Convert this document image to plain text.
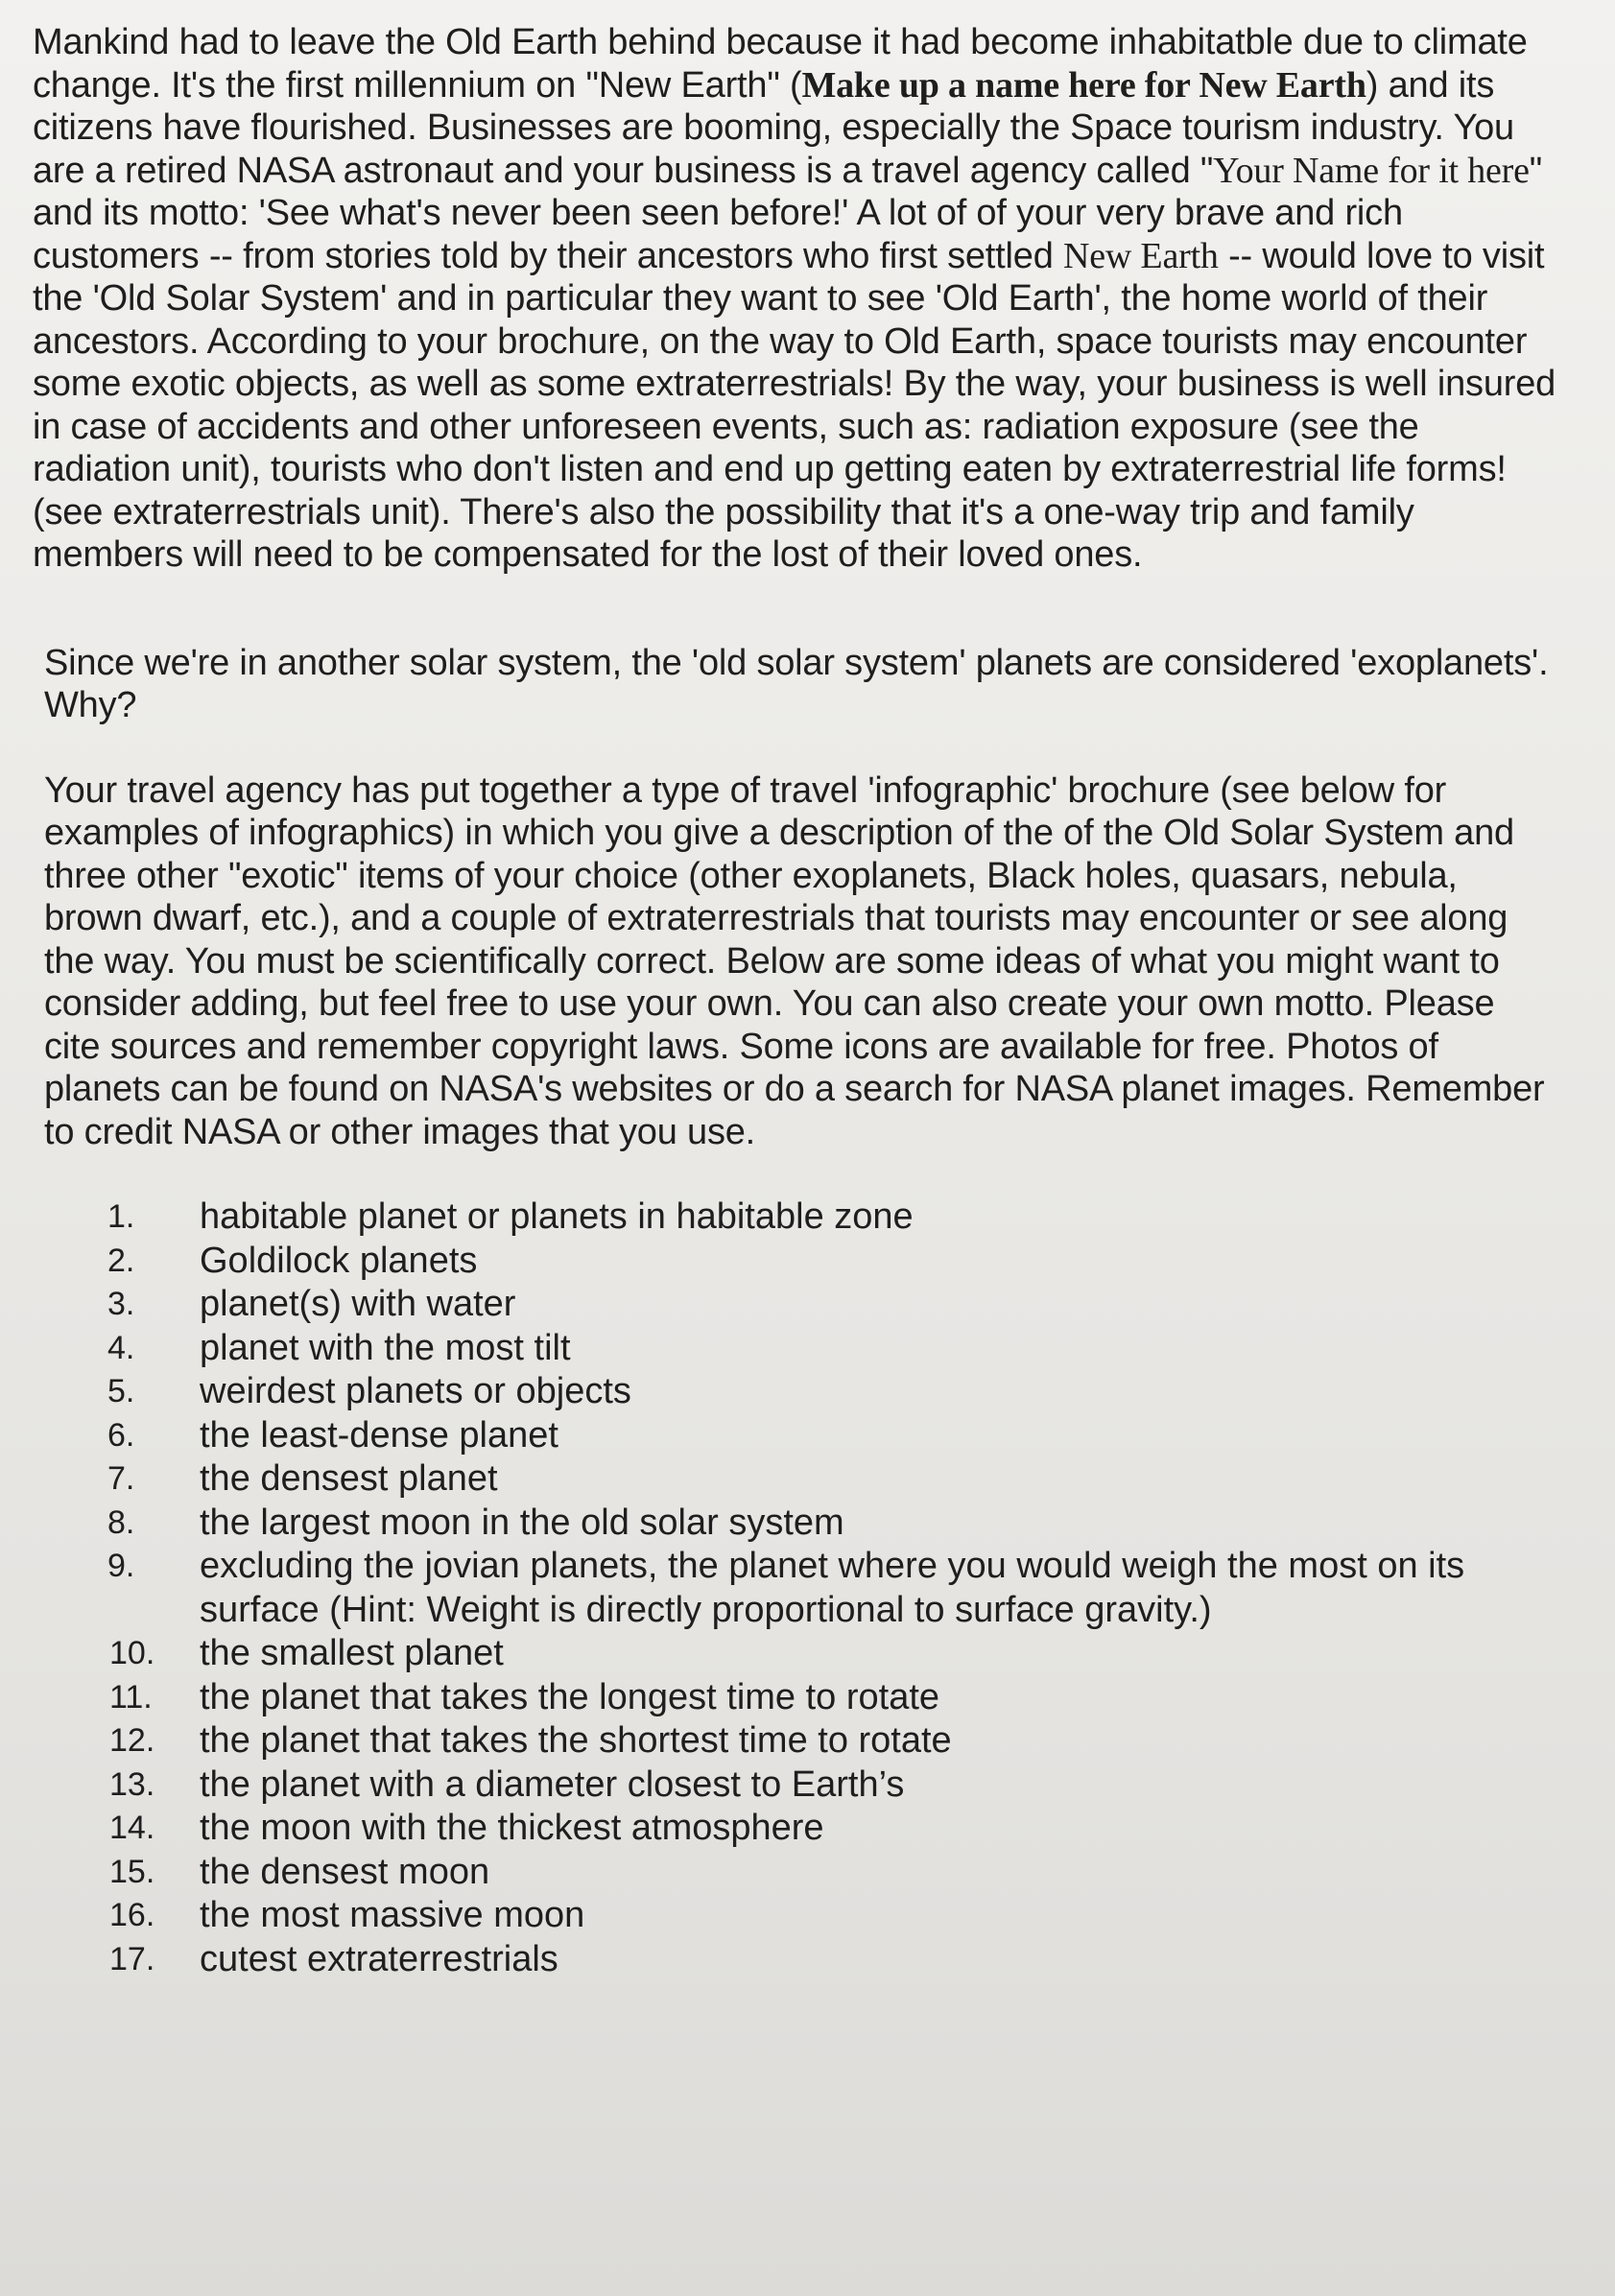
Mankind had to leave the Old Earth behind because it had become inhabitatble due to climate change. It's the first millennium on "New Earth" (Make up a name here for New Earth) and its citizens have flourished. Businesses are booming, especially the Space tourism industry. You are a retired NASA astronaut and your business is a travel agency called "Your Name for it here" and its motto: 'See what's never been seen before!' A lot of of your very brave and rich customers -- from stories told by their ancestors who first settled New Earth -- would love to visit the 'Old Solar System' and in particular they want to see 'Old Earth', the home world of their ancestors. According to your brochure, on the way to Old Earth, space tourists may encounter some exotic objects, as well as some extraterrestrials! By the way, your business is well insured in case of accidents and other unforeseen events, such as: radiation exposure (see the radiation unit), tourists who don't listen and end up getting eaten by extraterrestrial life forms! (see extraterrestrials unit). There's also the possibility that it's a one-way trip and family members will need to be compensated for the lost of their loved ones.

Since we're in another solar system, the 'old solar system' planets are considered 'exoplanets'. Why?

Your travel agency has put together a type of travel 'infographic' brochure (see below for examples of infographics) in which you give a description of the of the Old Solar System and three other "exotic" items of your choice (other exoplanets, Black holes, quasars, nebula, brown dwarf, etc.), and a couple of extraterrestrials that tourists may encounter or see along the way. You must be scientifically correct. Below are some ideas of what you might want to consider adding, but feel free to use your own. You can also create your own motto. Please cite sources and remember copyright laws. Some icons are available for free. Photos of planets can be found on NASA's websites or do a search for NASA planet images. Remember to credit NASA or other images that you use.

1.	habitable planet or planets in habitable zone
2.	Goldilock planets
3.	planet(s) with water
4.	planet with the most tilt
5.	weirdest planets or objects
6.	the least-dense planet
7.	the densest planet
8.	the largest moon in the old solar system
9.	excluding the jovian planets, the planet where you would weigh the most on its surface (Hint: Weight is directly proportional to surface gravity.)
10.	the smallest planet
11.	the planet that takes the longest time to rotate
12.	the planet that takes the shortest time to rotate
13.	the planet with a diameter closest to Earth’s
14.	the moon with the thickest atmosphere
15.	the densest moon
16.	the most massive moon
17.	cutest extraterrestrials
